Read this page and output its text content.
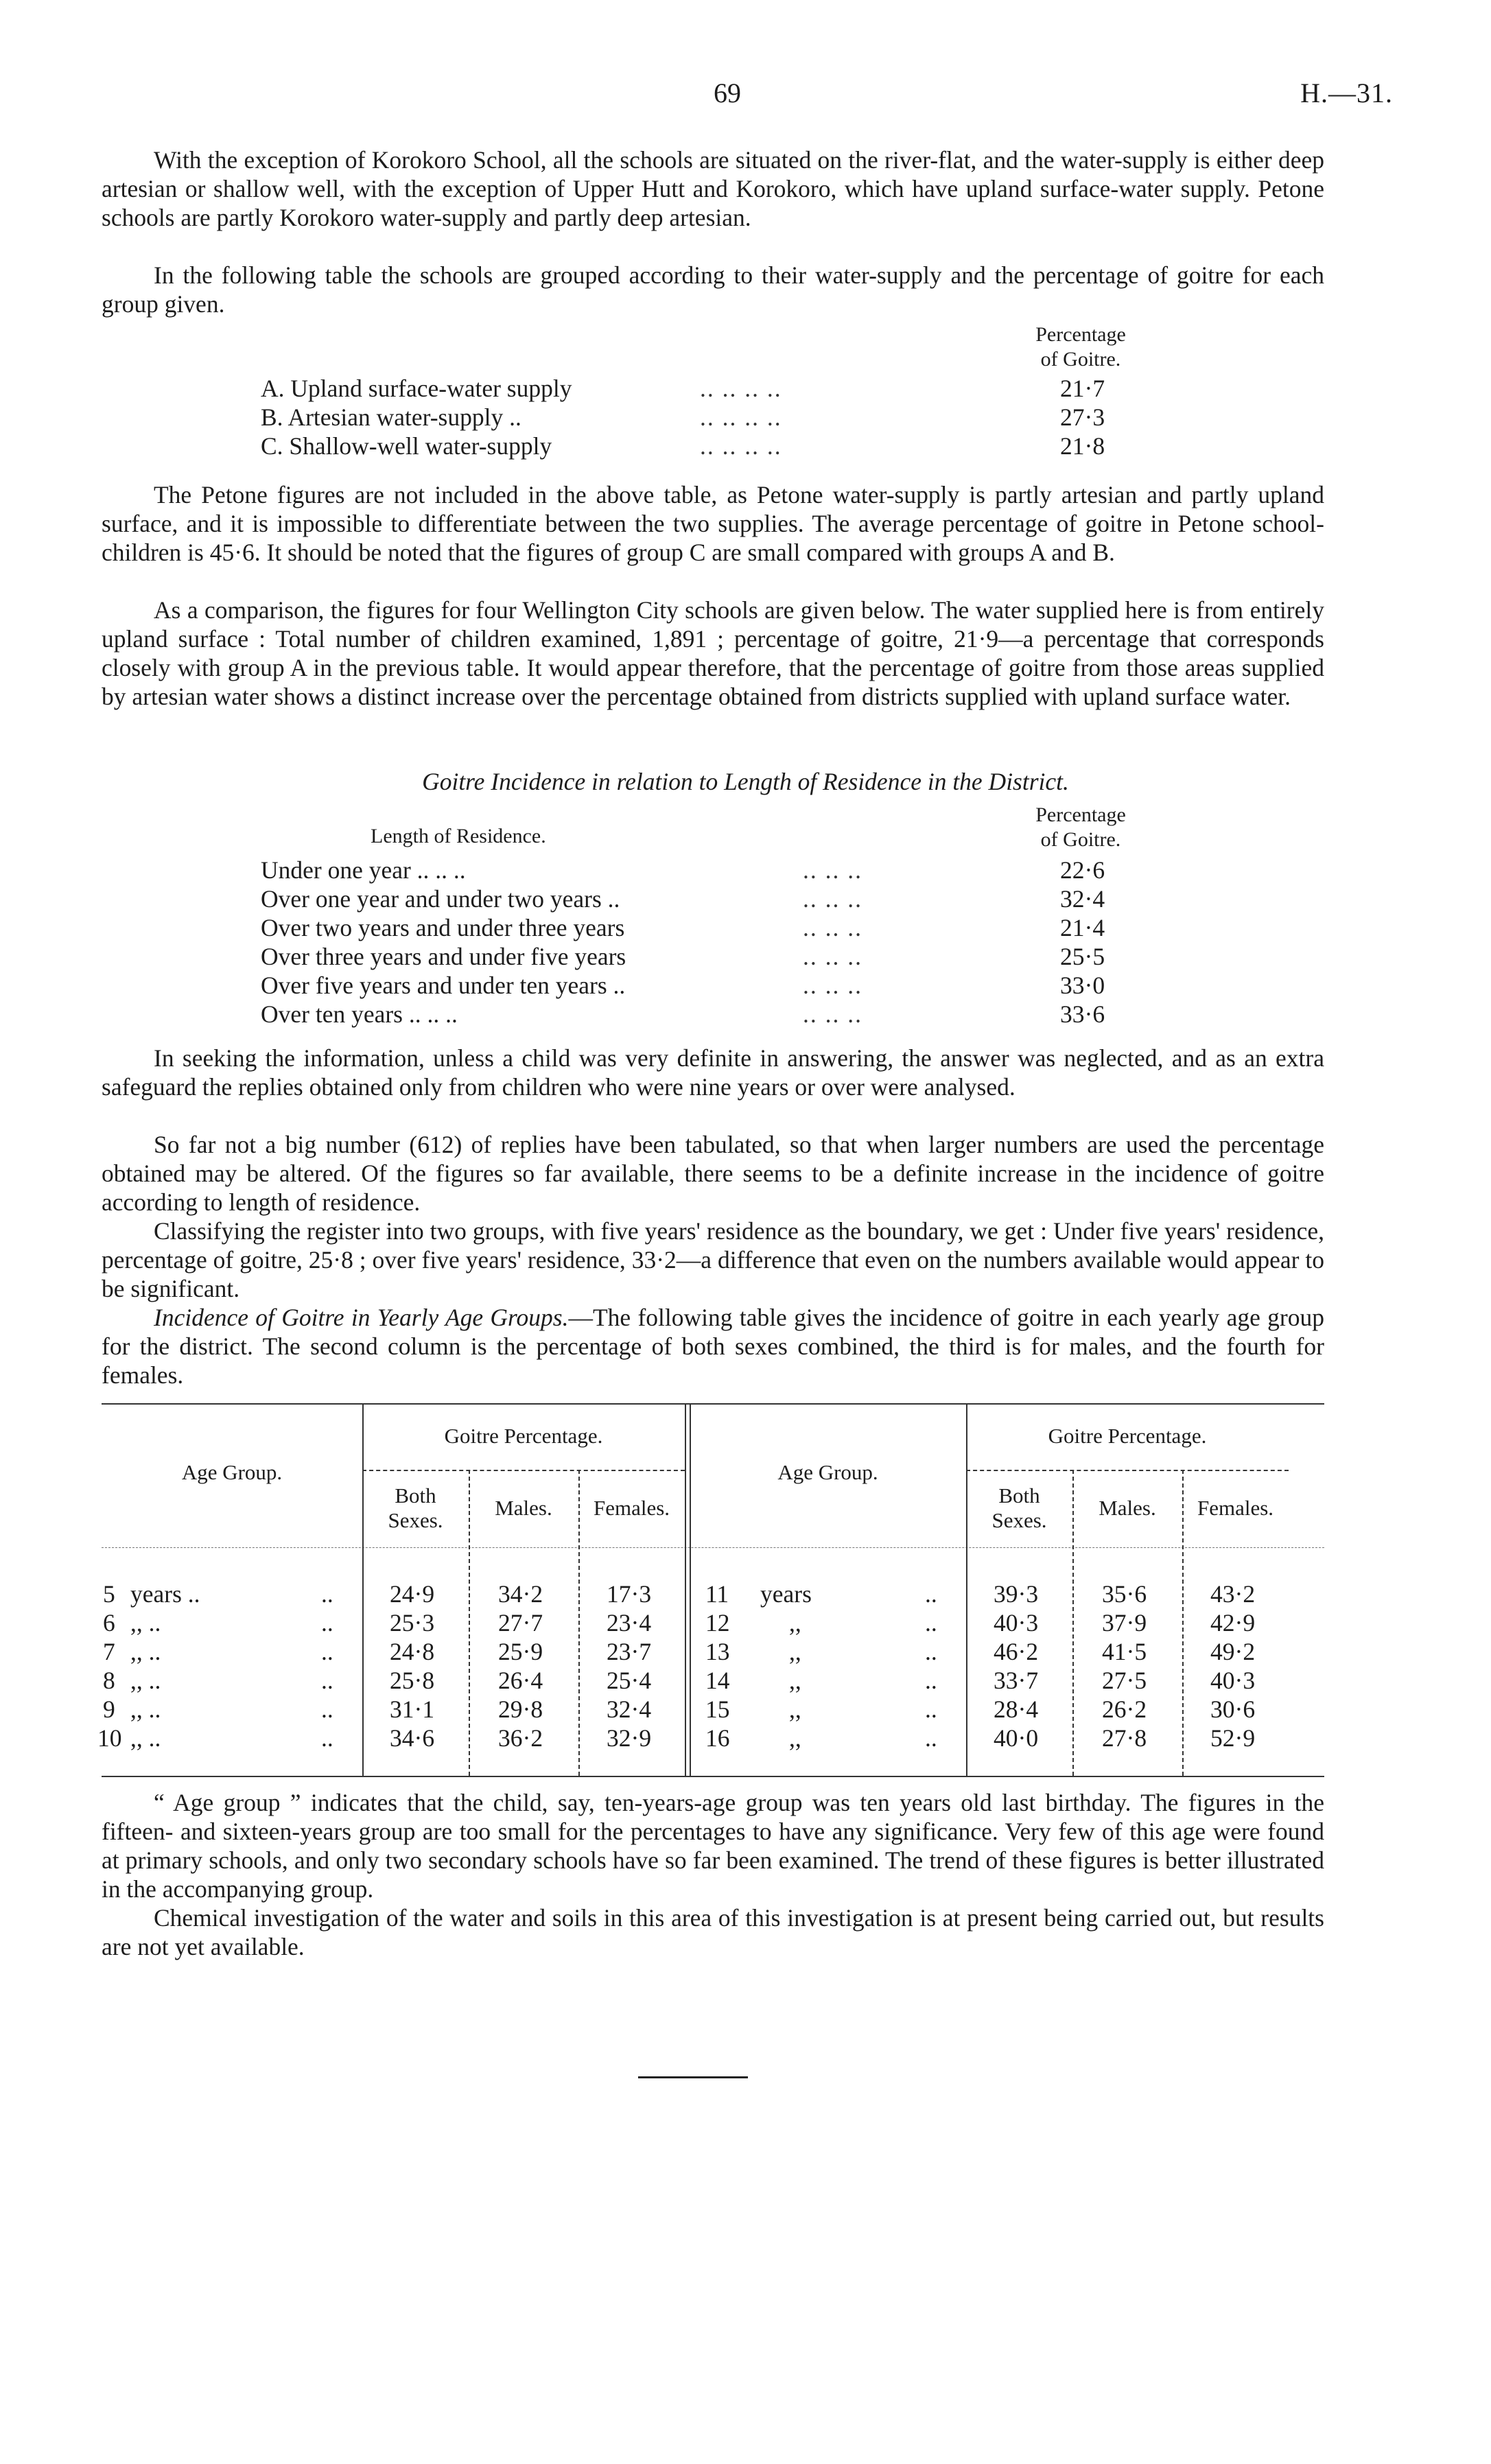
69	H.—31.

With the exception of Korokoro School, all the schools are situated on the river-flat, and the water-supply is either deep artesian or shallow well, with the exception of Upper Hutt and Korokoro, which have upland surface-water supply. Petone schools are partly Korokoro water-supply and partly deep artesian.

In the following table the schools are grouped according to their water-supply and the percentage of goitre for each group given.

Percentage
of Goitre.
A. Upland surface-water supply	.. .. .. ..	21·7
B. Artesian water-supply ..	.. .. .. ..	27·3
C. Shallow-well water-supply	.. .. .. ..	21·8

The Petone figures are not included in the above table, as Petone water-supply is partly artesian and partly upland surface, and it is impossible to differentiate between the two supplies. The average percentage of goitre in Petone school-children is 45·6. It should be noted that the figures of group C are small compared with groups A and B.

As a comparison, the figures for four Wellington City schools are given below. The water supplied here is from entirely upland surface : Total number of children examined, 1,891 ; percentage of goitre, 21·9—a percentage that corresponds closely with group A in the previous table. It would appear therefore, that the percentage of goitre from those areas supplied by artesian water shows a distinct increase over the percentage obtained from districts supplied with upland surface water.

Goitre Incidence in relation to Length of Residence in the District.
Length of Residence.
Percentage
of Goitre.
Under one year .. .. ..	.. .. ..	22·6
Over one year and under two years ..	.. .. ..	32·4
Over two years and under three years	.. .. ..	21·4
Over three years and under five years	.. .. ..	25·5
Over five years and under ten years ..	.. .. ..	33·0
Over ten years .. .. ..	.. .. ..	33·6

In seeking the information, unless a child was very definite in answering, the answer was neglected, and as an extra safeguard the replies obtained only from children who were nine years or over were analysed.

So far not a big number (612) of replies have been tabulated, so that when larger numbers are used the percentage obtained may be altered. Of the figures so far available, there seems to be a definite increase in the incidence of goitre according to length of residence.

Classifying the register into two groups, with five years' residence as the boundary, we get : Under five years' residence, percentage of goitre, 25·8 ; over five years' residence, 33·2—a difference that even on the numbers available would appear to be significant.

Incidence of Goitre in Yearly Age Groups.—The following table gives the incidence of goitre in each yearly age group for the district. The second column is the percentage of both sexes combined, the third is for males, and the fourth for females.

Age Group.	Age Group.
Goitre Percentage.	Goitre Percentage.
Both
Sexes.
Males.	Females.
Both
Sexes.
Males.	Females.
5 years ..	.. 24·9	34·2	17·3
6 ,, ..	.. 25·3	27·7	23·4
7 ,, ..	.. 24·8	25·9	23·7
8 ,, ..	.. 25·8	26·4	25·4
9 ,, ..	.. 31·1	29·8	32·4
10 ,, ..	.. 34·6	36·2	32·9
11 years	.. 39·3	35·6	43·2
12 ,,	.. 40·3	37·9	42·9
13 ,,	.. 46·2	41·5	49·2
14 ,,	.. 33·7	27·5	40·3
15 ,,	.. 28·4	26·2	30·6
16 ,,	.. 40·0	27·8	52·9

“ Age group ” indicates that the child, say, ten-years-age group was ten years old last birthday. The figures in the fifteen- and sixteen-years group are too small for the percentages to have any significance. Very few of this age were found at primary schools, and only two secondary schools have so far been examined. The trend of these figures is better illustrated in the accompanying group.

Chemical investigation of the water and soils in this area of this investigation is at present being carried out, but results are not yet available.
